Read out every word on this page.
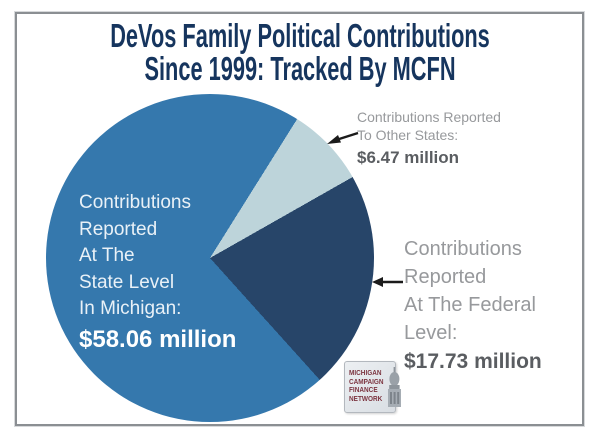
DeVos Family Political Contributions
Since 1999: Tracked By MCFN
Contributions
Reported
At The
State Level
In Michigan:
$58.06 million
Contributions Reported
To Other States:
$6.47 million
Contributions
Reported
At The Federal
Level:
$17.73 million
MICHIGAN
CAMPAIGN
FINANCE
NETWORK
